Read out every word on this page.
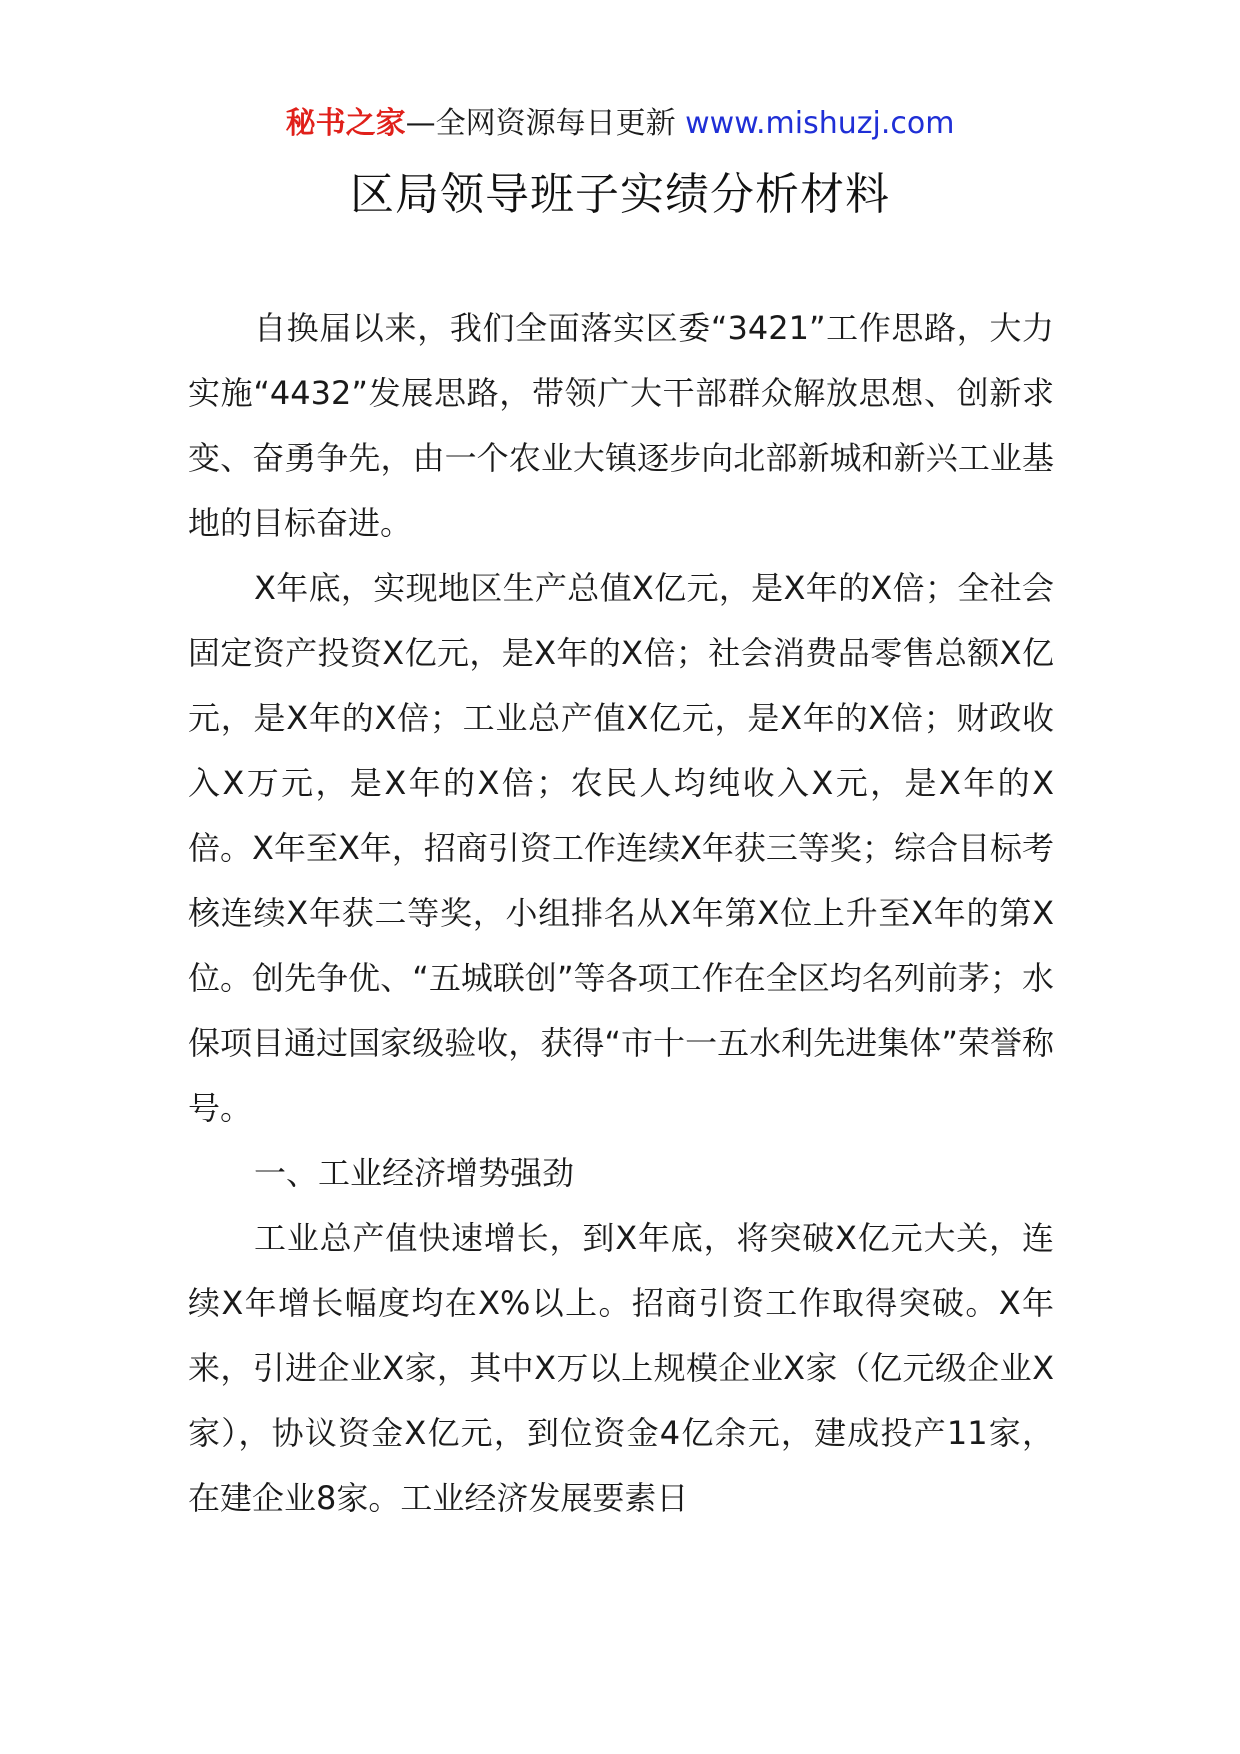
秘书之家—全网资源每日更新 www.mishuzj.com
区局领导班子实绩分析材料

自换届以来，我们全面落实区委“3421”工作思路，大力实施“4432”发展思路，带领广大干部群众解放思想、创新求变、奋勇争先，由一个农业大镇逐步向北部新城和新兴工业基地的目标奋进。

X年底，实现地区生产总值X亿元，是X年的X倍；全社会固定资产投资X亿元，是X年的X倍；社会消费品零售总额X亿元，是X年的X倍；工业总产值X亿元，是X年的X倍；财政收入X万元，是X年的X倍；农民人均纯收入X元，是X年的X倍。X年至X年，招商引资工作连续X年获三等奖；综合目标考核连续X年获二等奖，小组排名从X年第X位上升至X年的第X位。创先争优、“五城联创”等各项工作在全区均名列前茅；水保项目通过国家级验收，获得“市十一五水利先进集体”荣誉称号。

一、工业经济增势强劲

工业总产值快速增长，到X年底，将突破X亿元大关，连续X年增长幅度均在X%以上。招商引资工作取得突破。X年来，引进企业X家，其中X万以上规模企业X家（亿元级企业X家），协议资金X亿元，到位资金4亿余元，建成投产11家，在建企业8家。工业经济发展要素日
